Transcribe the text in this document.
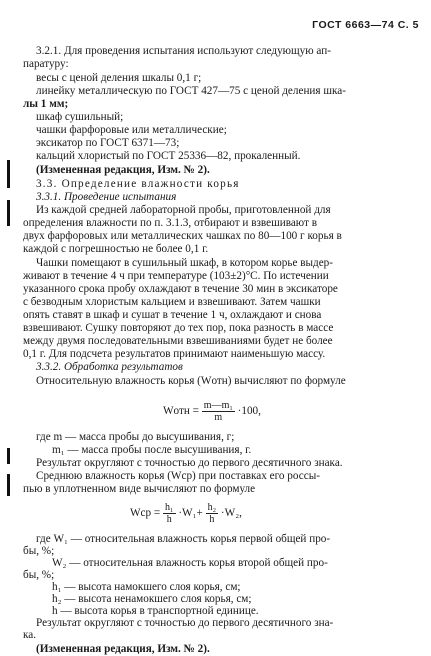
ГОСТ 6663—74 С. 5
3.2.1. Для проведения испытания используют следующую ап-
паратуру:
весы с ценой деления шкалы 0,1 г;
линейку металлическую по ГОСТ 427—75 с ценой деления шка-
лы 1 мм;
шкаф сушильный;
чашки фарфоровые или металлические;
эксикатор по ГОСТ 6371—73;
кальций хлористый по ГОСТ 25336—82, прокаленный.
(Измененная редакция, Изм. № 2).
3.3. Определение влажности корья
3.3.1. Проведение испытания
Из каждой средней лабораторной пробы, приготовленной для
определения влажности по п. 3.1.3, отбирают и взвешивают в
двух фарфоровых или металлических чашках по 80—100 г корья в
каждой с погрешностью не более 0,1 г.
Чашки помещают в сушильный шкаф, в котором корье выдер-
живают в течение 4 ч при температуре (103±2)°С. По истечении
указанного срока пробу охлаждают в течение 30 мин в эксикаторе
с безводным хлористым кальцием и взвешивают. Затем чашки
опять ставят в шкаф и сушат в течение 1 ч, охлаждают и снова
взвешивают. Сушку повторяют до тех пор, пока разность в массе
между двумя последовательными взвешиваниями будет не более
0,1 г. Для подсчета результатов принимают наименьшую массу.
3.3.2. Обработка результатов
Относительную влажность корья (Wотн) вычисляют по формуле
Wотн = $\frac{\text{m—m₁}}{m} \cdot 100$,
где m — масса пробы до высушивания, г;
m₁ — масса пробы после высушивания, г.
Результат округляют с точностью до первого десятичного знака.
Среднюю влажность корья (Wср) при поставках его россы-
пью в уплотненном виде вычисляют по формуле
Wср = $\frac{\text{h₁}}{h} \cdot W_1+ \frac{\text{h₂}}{h} \cdot W_2$,
где W₁ — относительная влажность корья первой общей про-
бы, %;
W₂ — относительная влажность корья второй общей про-
бы, %;
h₁ — высота намокшего слоя корья, см;
h₂ — высота ненамокшего слоя корья, см;
h — высота корья в транспортной единице.
Результат округляют с точностью до первого десятичного зна-
ка.
(Измененная редакция, Изм. № 2).
